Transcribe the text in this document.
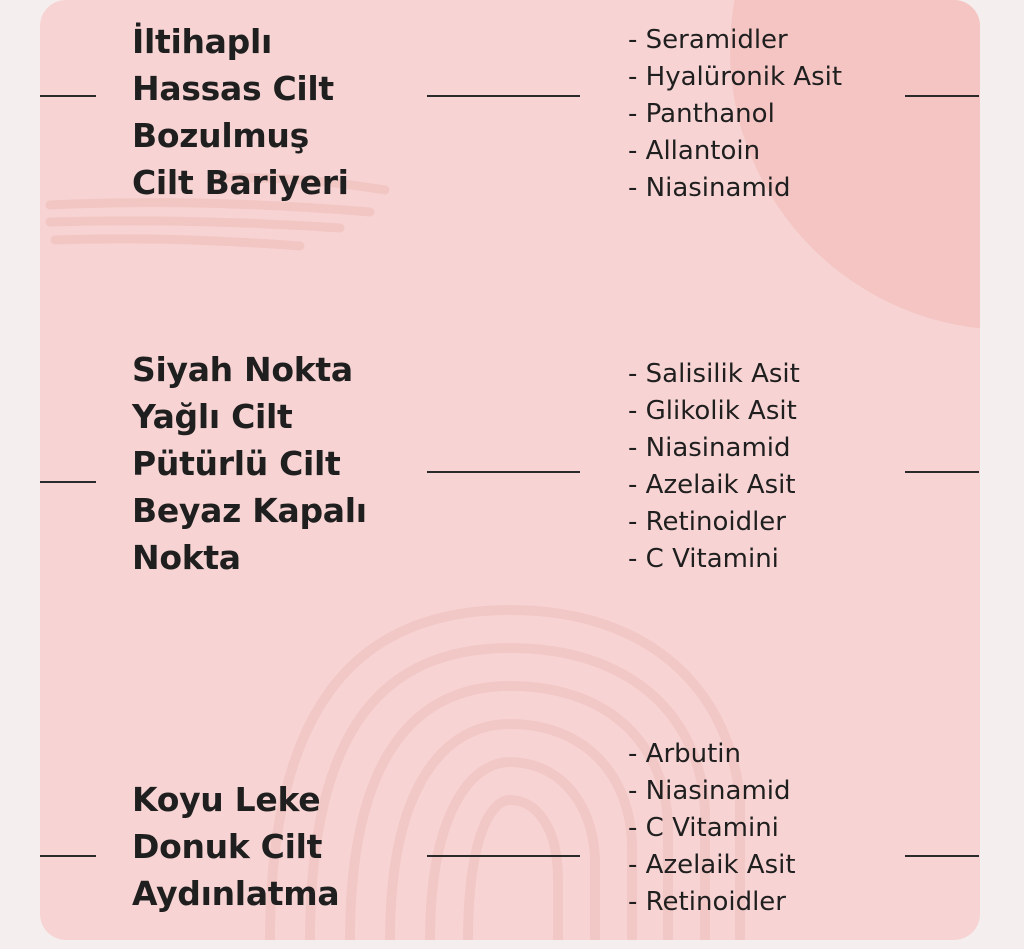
İltihaplı
Hassas Cilt
Bozulmuş
Cilt Bariyeri
- Seramidler
- Hyalüronik Asit
- Panthanol
- Allantoin
- Niasinamid
Siyah Nokta
Yağlı Cilt
Pütürlü Cilt
Beyaz Kapalı
Nokta
- Salisilik Asit
- Glikolik Asit
- Niasinamid
- Azelaik Asit
- Retinoidler
- C Vitamini
Koyu Leke
Donuk Cilt
Aydınlatma
- Arbutin
- Niasinamid
- C Vitamini
- Azelaik Asit
- Retinoidler
